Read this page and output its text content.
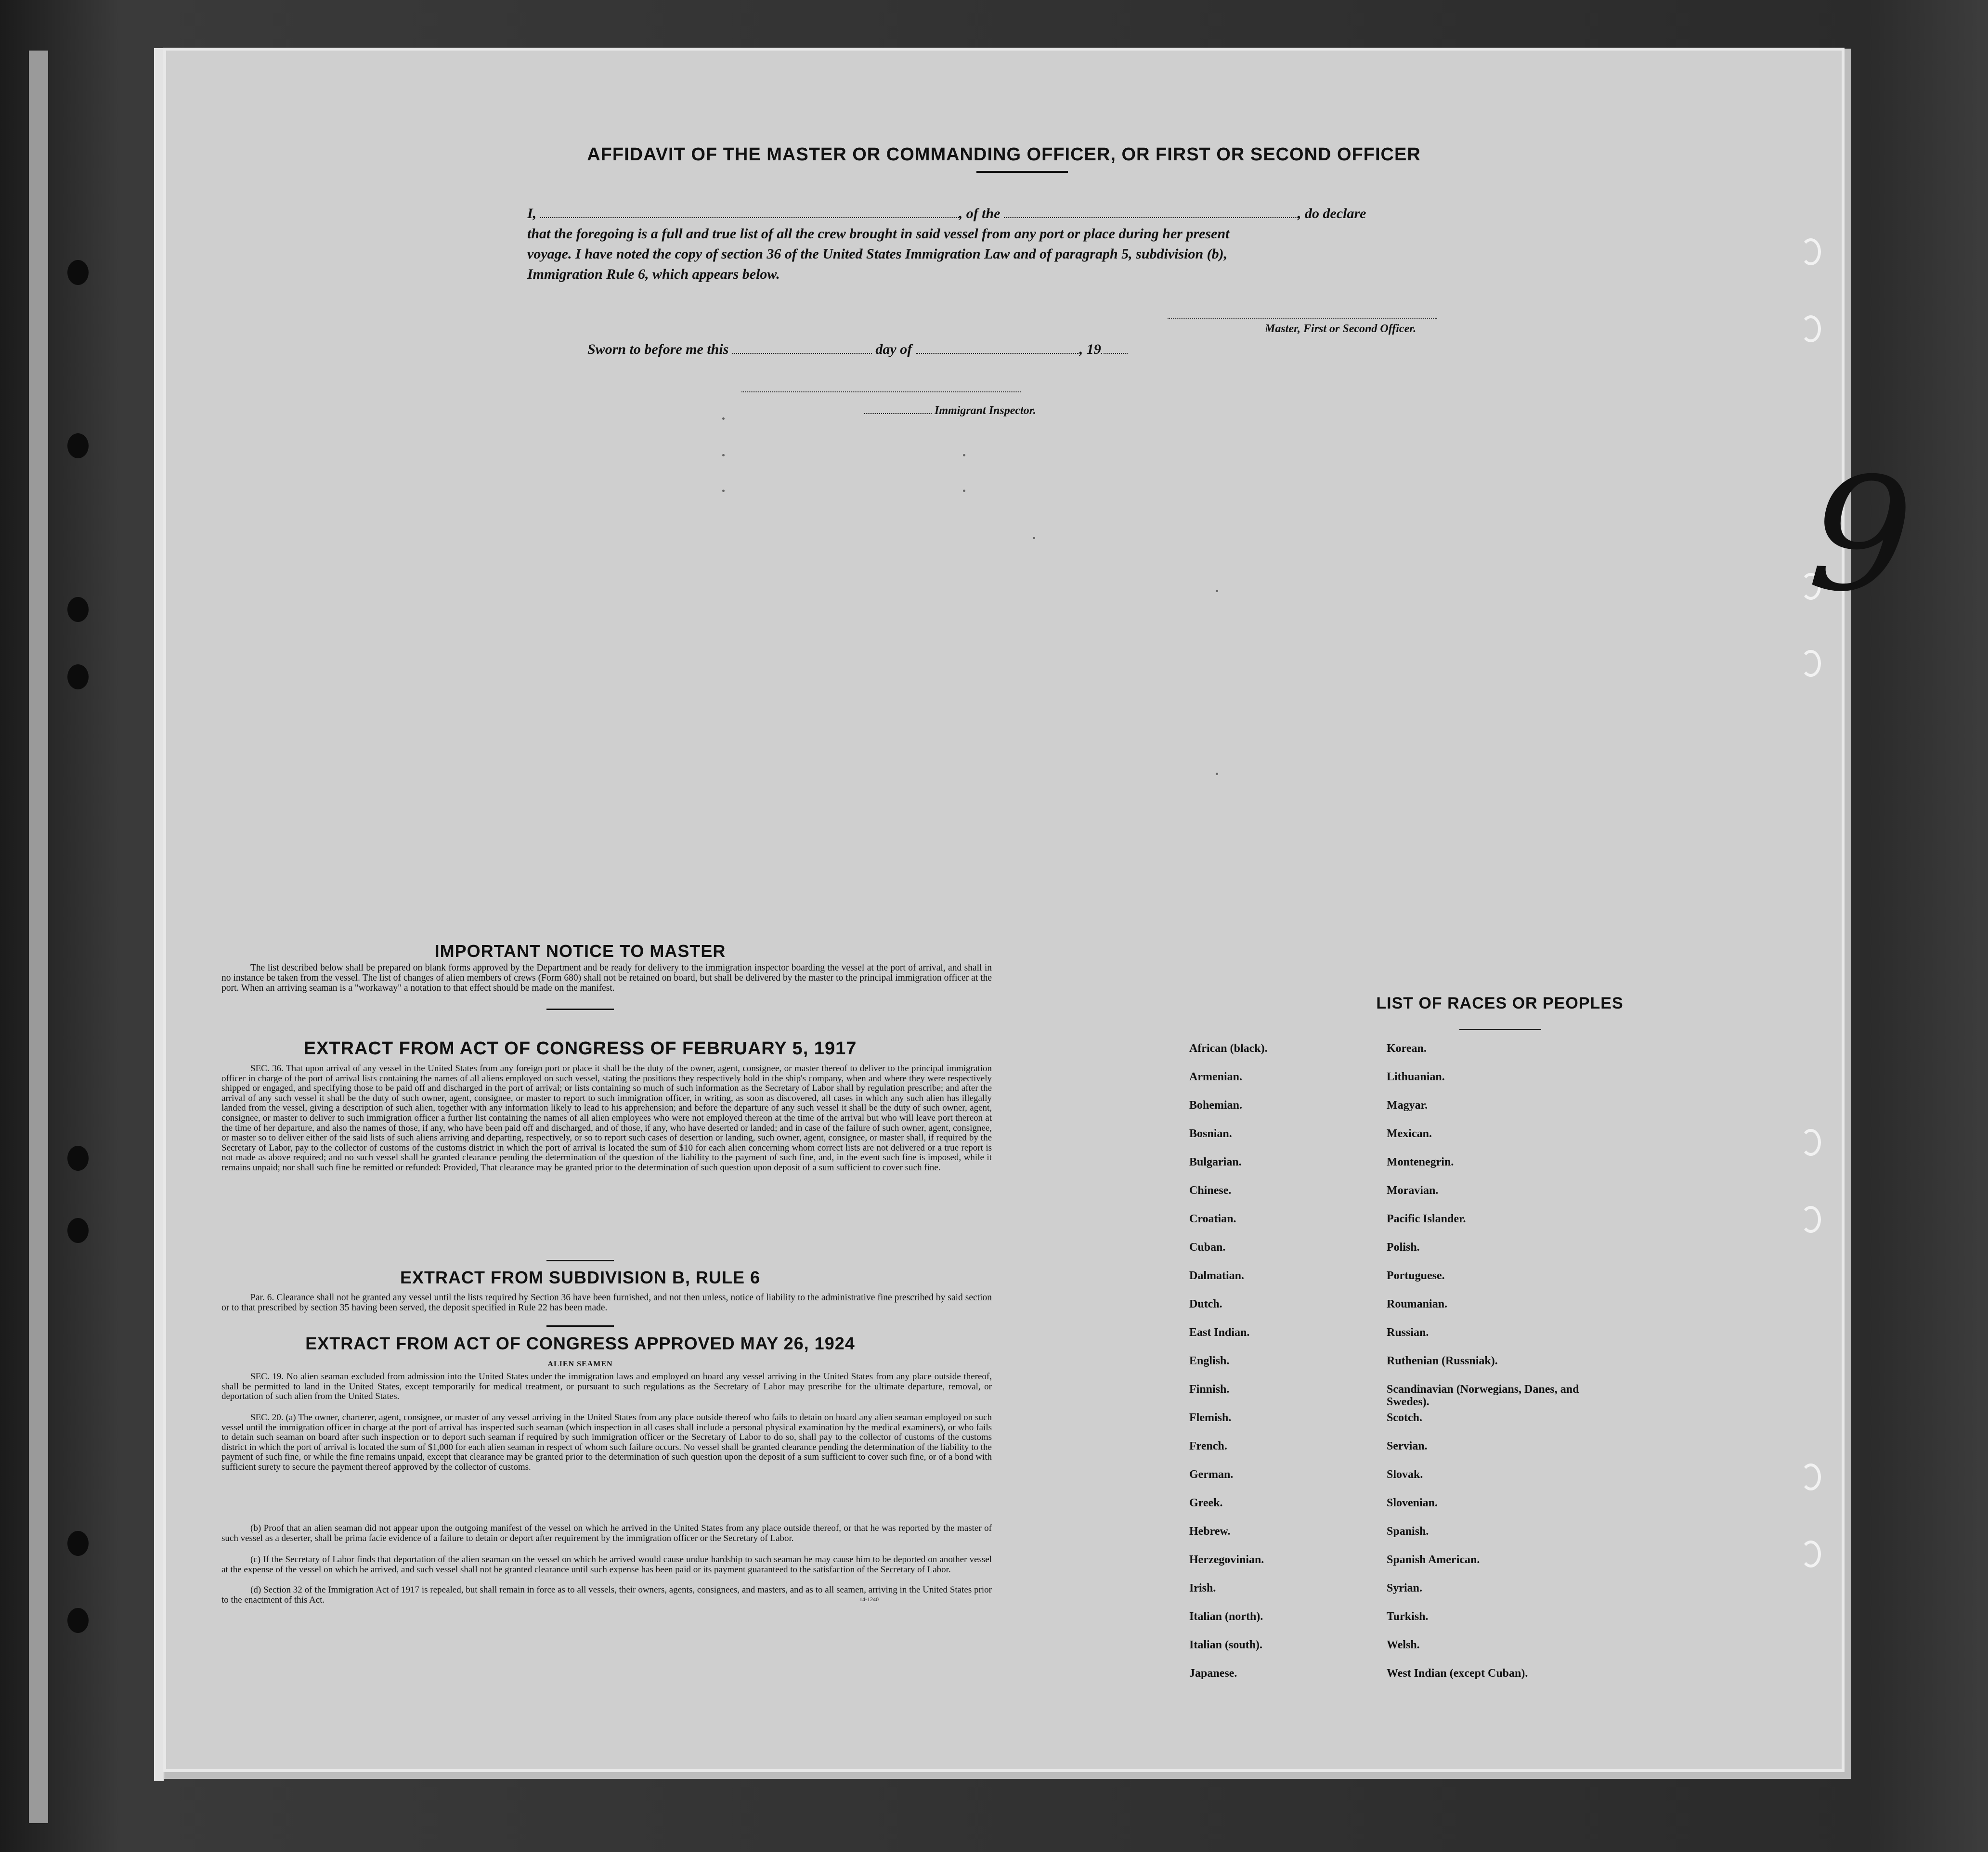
AFFIDAVIT OF THE MASTER OR COMMANDING OFFICER, OR FIRST OR SECOND OFFICER
I,	, of the	, do declare
that the foregoing is a full and true list of all the crew brought in said vessel from any port or place during her present
voyage. I have noted the copy of section 36 of the United States Immigration Law and of paragraph 5, subdivision (b),
Immigration Rule 6, which appears below.
Master, First or Second Officer.
Sworn to before me this	day of	, 19
Immigrant Inspector.
IMPORTANT NOTICE TO MASTER
The list described below shall be prepared on blank forms approved by the Department and be ready for delivery to the immigration inspector boarding the vessel at the port of arrival, and shall in no instance be taken from the vessel. The list of changes of alien members of crews (Form 680) shall not be retained on board, but shall be delivered by the master to the principal immigration officer at the port. When an arriving seaman is a "workaway" a notation to that effect should be made on the manifest.
EXTRACT FROM ACT OF CONGRESS OF FEBRUARY 5, 1917
SEC. 36. That upon arrival of any vessel in the United States from any foreign port or place it shall be the duty of the owner, agent, consignee, or master thereof to deliver to the principal immigration officer in charge of the port of arrival lists containing the names of all aliens employed on such vessel, stating the positions they respectively hold in the ship's company, when and where they were respectively shipped or engaged, and specifying those to be paid off and discharged in the port of arrival; or lists containing so much of such information as the Secretary of Labor shall by regulation prescribe; and after the arrival of any such vessel it shall be the duty of such owner, agent, consignee, or master to report to such immigration officer, in writing, as soon as discovered, all cases in which any such alien has illegally landed from the vessel, giving a description of such alien, together with any information likely to lead to his apprehension; and before the departure of any such vessel it shall be the duty of such owner, agent, consignee, or master to deliver to such immigration officer a further list containing the names of all alien employees who were not employed thereon at the time of the arrival but who will leave port thereon at the time of her departure, and also the names of those, if any, who have been paid off and discharged, and of those, if any, who have deserted or landed; and in case of the failure of such owner, agent, consignee, or master so to deliver either of the said lists of such aliens arriving and departing, respectively, or so to report such cases of desertion or landing, such owner, agent, consignee, or master shall, if required by the Secretary of Labor, pay to the collector of customs of the customs district in which the port of arrival is located the sum of $10 for each alien concerning whom correct lists are not delivered or a true report is not made as above required; and no such vessel shall be granted clearance pending the determination of the question of the liability to the payment of such fine, and, in the event such fine is imposed, while it remains unpaid; nor shall such fine be remitted or refunded: Provided, That clearance may be granted prior to the determination of such question upon deposit of a sum sufficient to cover such fine.
EXTRACT FROM SUBDIVISION B, RULE 6
Par. 6. Clearance shall not be granted any vessel until the lists required by Section 36 have been furnished, and not then unless, notice of liability to the administrative fine prescribed by said section or to that prescribed by section 35 having been served, the deposit specified in Rule 22 has been made.
EXTRACT FROM ACT OF CONGRESS APPROVED MAY 26, 1924
ALIEN SEAMEN
SEC. 19. No alien seaman excluded from admission into the United States under the immigration laws and employed on board any vessel arriving in the United States from any place outside thereof, shall be permitted to land in the United States, except temporarily for medical treatment, or pursuant to such regulations as the Secretary of Labor may prescribe for the ultimate departure, removal, or deportation of such alien from the United States.
SEC. 20. (a) The owner, charterer, agent, consignee, or master of any vessel arriving in the United States from any place outside thereof who fails to detain on board any alien seaman employed on such vessel until the immigration officer in charge at the port of arrival has inspected such seaman (which inspection in all cases shall include a personal physical examination by the medical examiners), or who fails to detain such seaman on board after such inspection or to deport such seaman if required by such immigration officer or the Secretary of Labor to do so, shall pay to the collector of customs of the customs district in which the port of arrival is located the sum of $1,000 for each alien seaman in respect of whom such failure occurs. No vessel shall be granted clearance pending the determination of the liability to the payment of such fine, or while the fine remains unpaid, except that clearance may be granted prior to the determination of such question upon the deposit of a sum sufficient to cover such fine, or of a bond with sufficient surety to secure the payment thereof approved by the collector of customs.
(b) Proof that an alien seaman did not appear upon the outgoing manifest of the vessel on which he arrived in the United States from any place outside thereof, or that he was reported by the master of such vessel as a deserter, shall be prima facie evidence of a failure to detain or deport after requirement by the immigration officer or the Secretary of Labor.
(c) If the Secretary of Labor finds that deportation of the alien seaman on the vessel on which he arrived would cause undue hardship to such seaman he may cause him to be deported on another vessel at the expense of the vessel on which he arrived, and such vessel shall not be granted clearance until such expense has been paid or its payment guaranteed to the satisfaction of the Secretary of Labor.
(d) Section 32 of the Immigration Act of 1917 is repealed, but shall remain in force as to all vessels, their owners, agents, consignees, and masters, and as to all seamen, arriving in the United States prior to the enactment of this Act.	14-1240
LIST OF RACES OR PEOPLES
African (black).	Korean.
Armenian.	Lithuanian.
Bohemian.	Magyar.
Bosnian.	Mexican.
Bulgarian.	Montenegrin.
Chinese.	Moravian.
Croatian.	Pacific Islander.
Cuban.	Polish.
Dalmatian.	Portuguese.
Dutch.	Roumanian.
East Indian.	Russian.
English.	Ruthenian (Russniak).
Finnish.	Scandinavian (Norwegians, Danes, and Swedes).
Flemish.	Scotch.
French.	Servian.
German.	Slovak.
Greek.	Slovenian.
Hebrew.	Spanish.
Herzegovinian.	Spanish American.
Irish.	Syrian.
Italian (north).	Turkish.
Italian (south).	Welsh.
Japanese.	West Indian (except Cuban).
9
